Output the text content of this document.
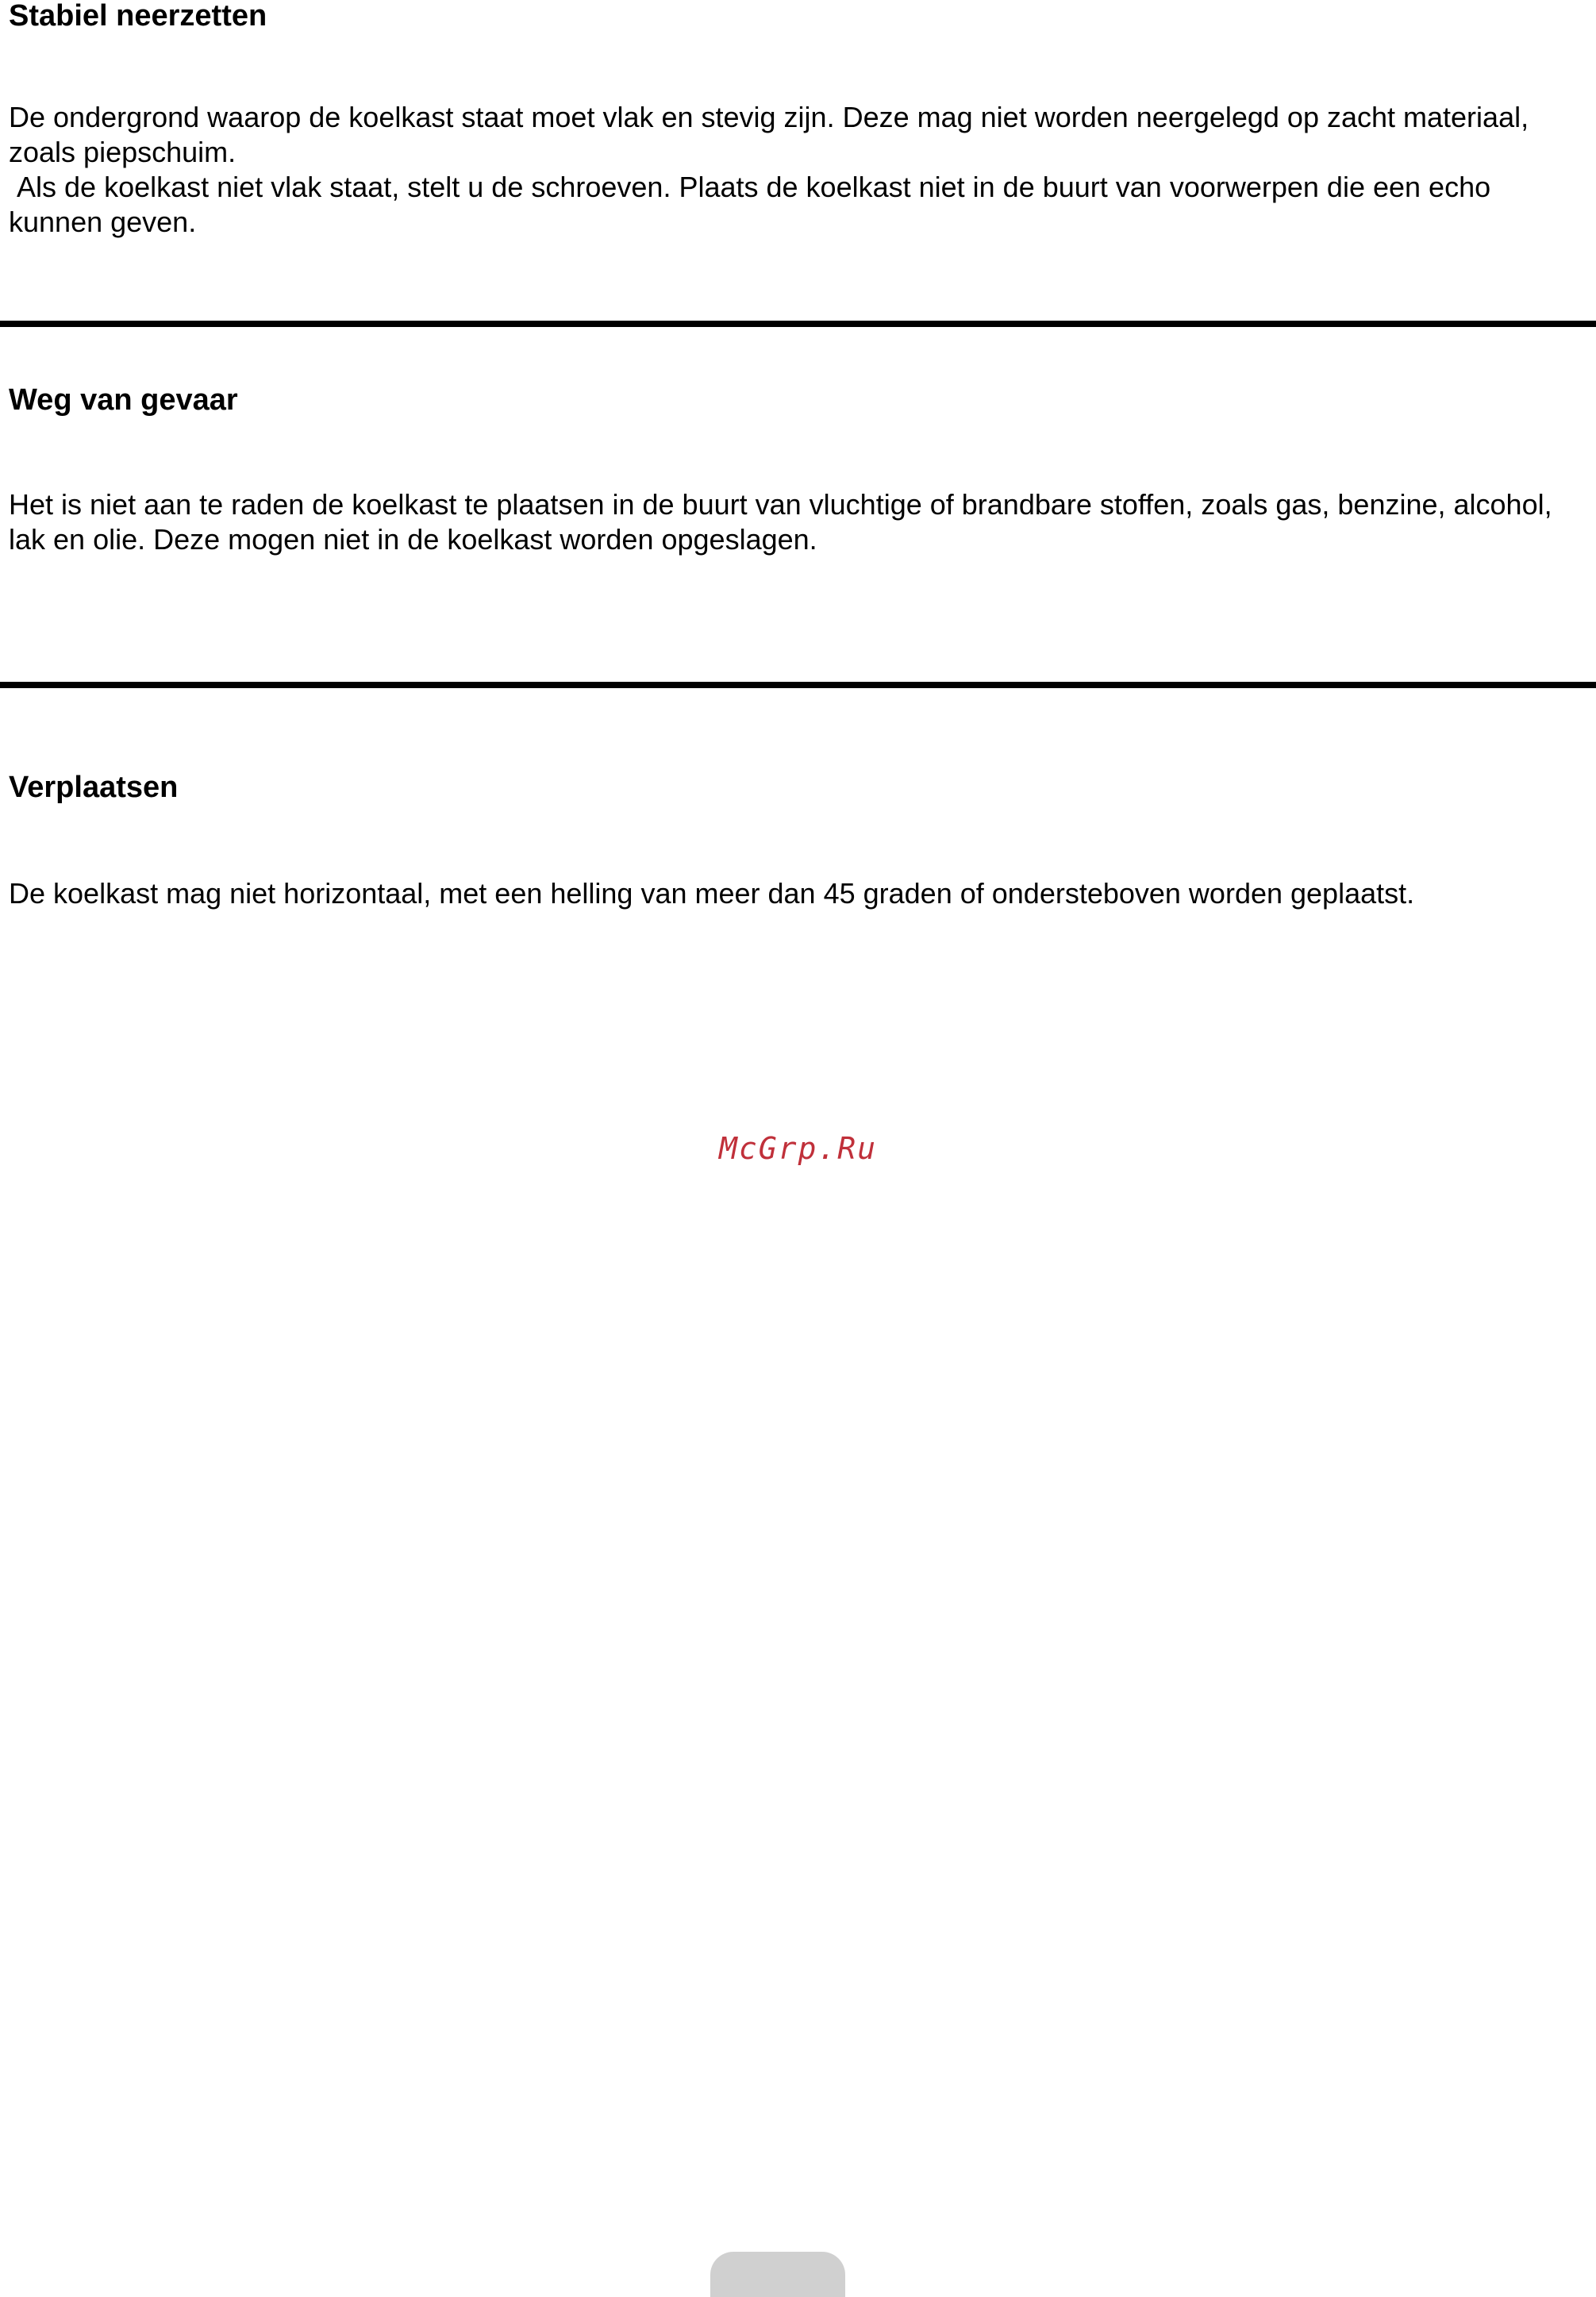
Stabiel neerzetten

De ondergrond waarop de koelkast staat moet vlak en stevig zijn. Deze mag niet worden neergelegd op zacht materiaal, zoals piepschuim.
Als de koelkast niet vlak staat, stelt u de schroeven. Plaats de koelkast niet in de buurt van voorwerpen die een echo kunnen geven.

Weg van gevaar

Het is niet aan te raden de koelkast te plaatsen in de buurt van vluchtige of brandbare stoffen, zoals gas, benzine, alcohol, lak en olie. Deze mogen niet in de koelkast worden opgeslagen.

Verplaatsen

De koelkast mag niet horizontaal, met een helling van meer dan 45 graden of ondersteboven worden geplaatst.

McGrp.Ru
